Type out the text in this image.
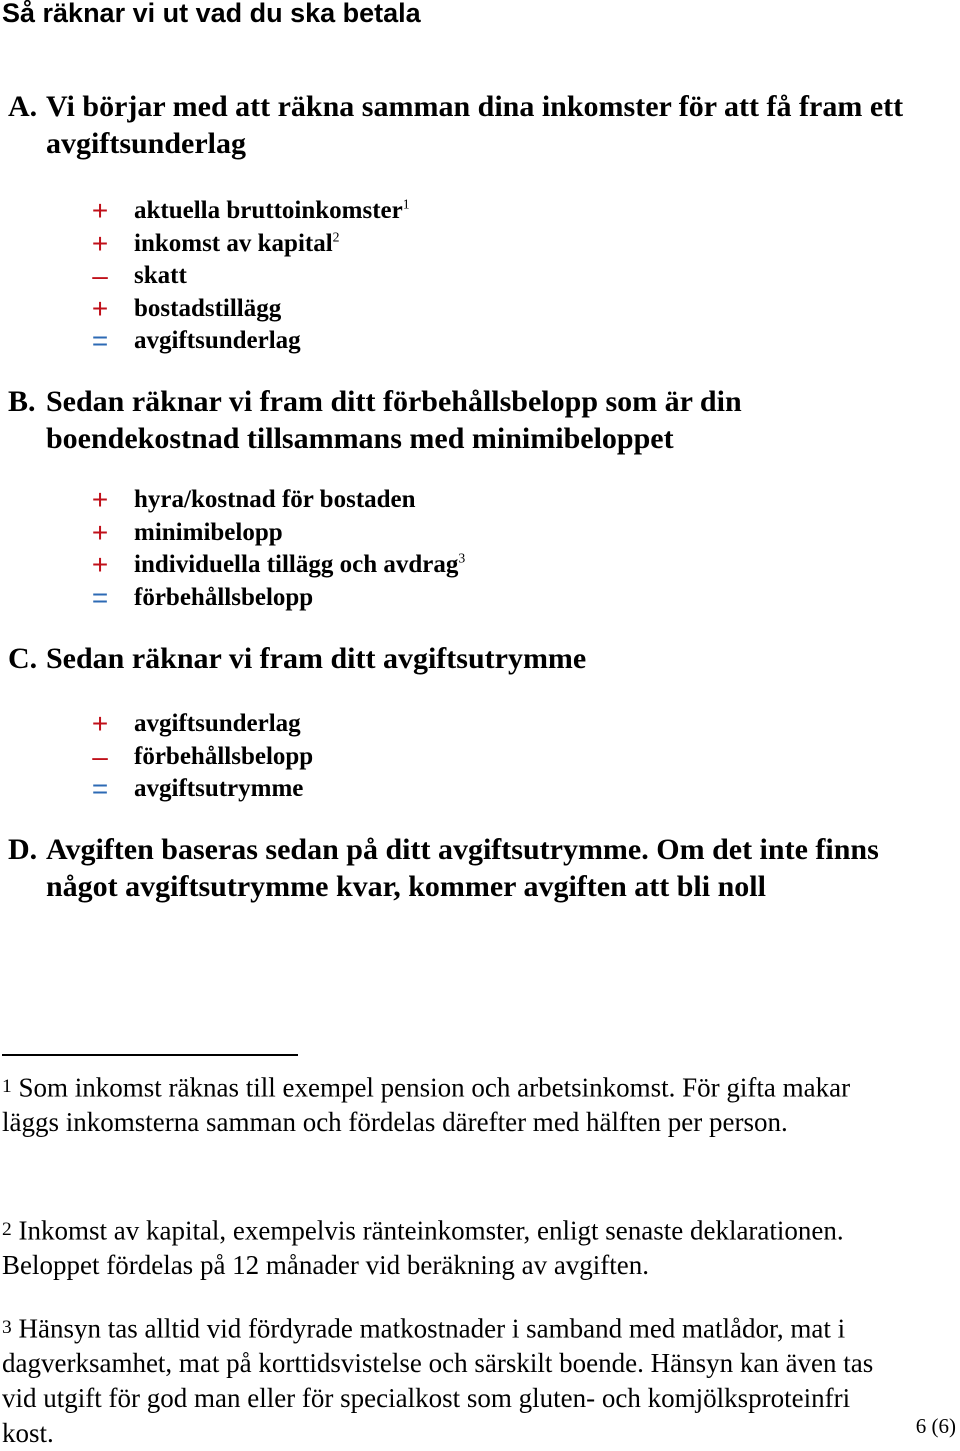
Så räknar vi ut vad du ska betala
A. Vi börjar med att räkna samman dina inkomster för att få fram ett avgiftsunderlag
+ aktuella bruttoinkomster$^1$
+ inkomst av kapital$^2$
– skatt
+ bostadstillägg
= avgiftsunderlag
B. Sedan räknar vi fram ditt förbehållsbelopp som är din boendekostnad tillsammans med minimibeloppet
+ hyra/kostnad för bostaden
+ minimibelopp
+ individuella tillägg och avdrag$^3$
= förbehållsbelopp
C. Sedan räknar vi fram ditt avgiftsutrymme
+ avgiftsunderlag
– förbehållsbelopp
= avgiftsutrymme
D. Avgiften baseras sedan på ditt avgiftsutrymme. Om det inte finns något avgiftsutrymme kvar, kommer avgiften att bli noll

1 Som inkomst räknas till exempel pension och arbetsinkomst. För gifta makar läggs inkomsterna samman och fördelas därefter med hälften per person.

2 Inkomst av kapital, exempelvis ränteinkomster, enligt senaste deklarationen. Beloppet fördelas på 12 månader vid beräkning av avgiften.

3 Hänsyn tas alltid vid fördyrade matkostnader i samband med matlådor, mat i dagverksamhet, mat på korttidsvistelse och särskilt boende. Hänsyn kan även tas vid utgift för god man eller för specialkost som gluten- och komjölksproteinfri kost.	6 (6)
